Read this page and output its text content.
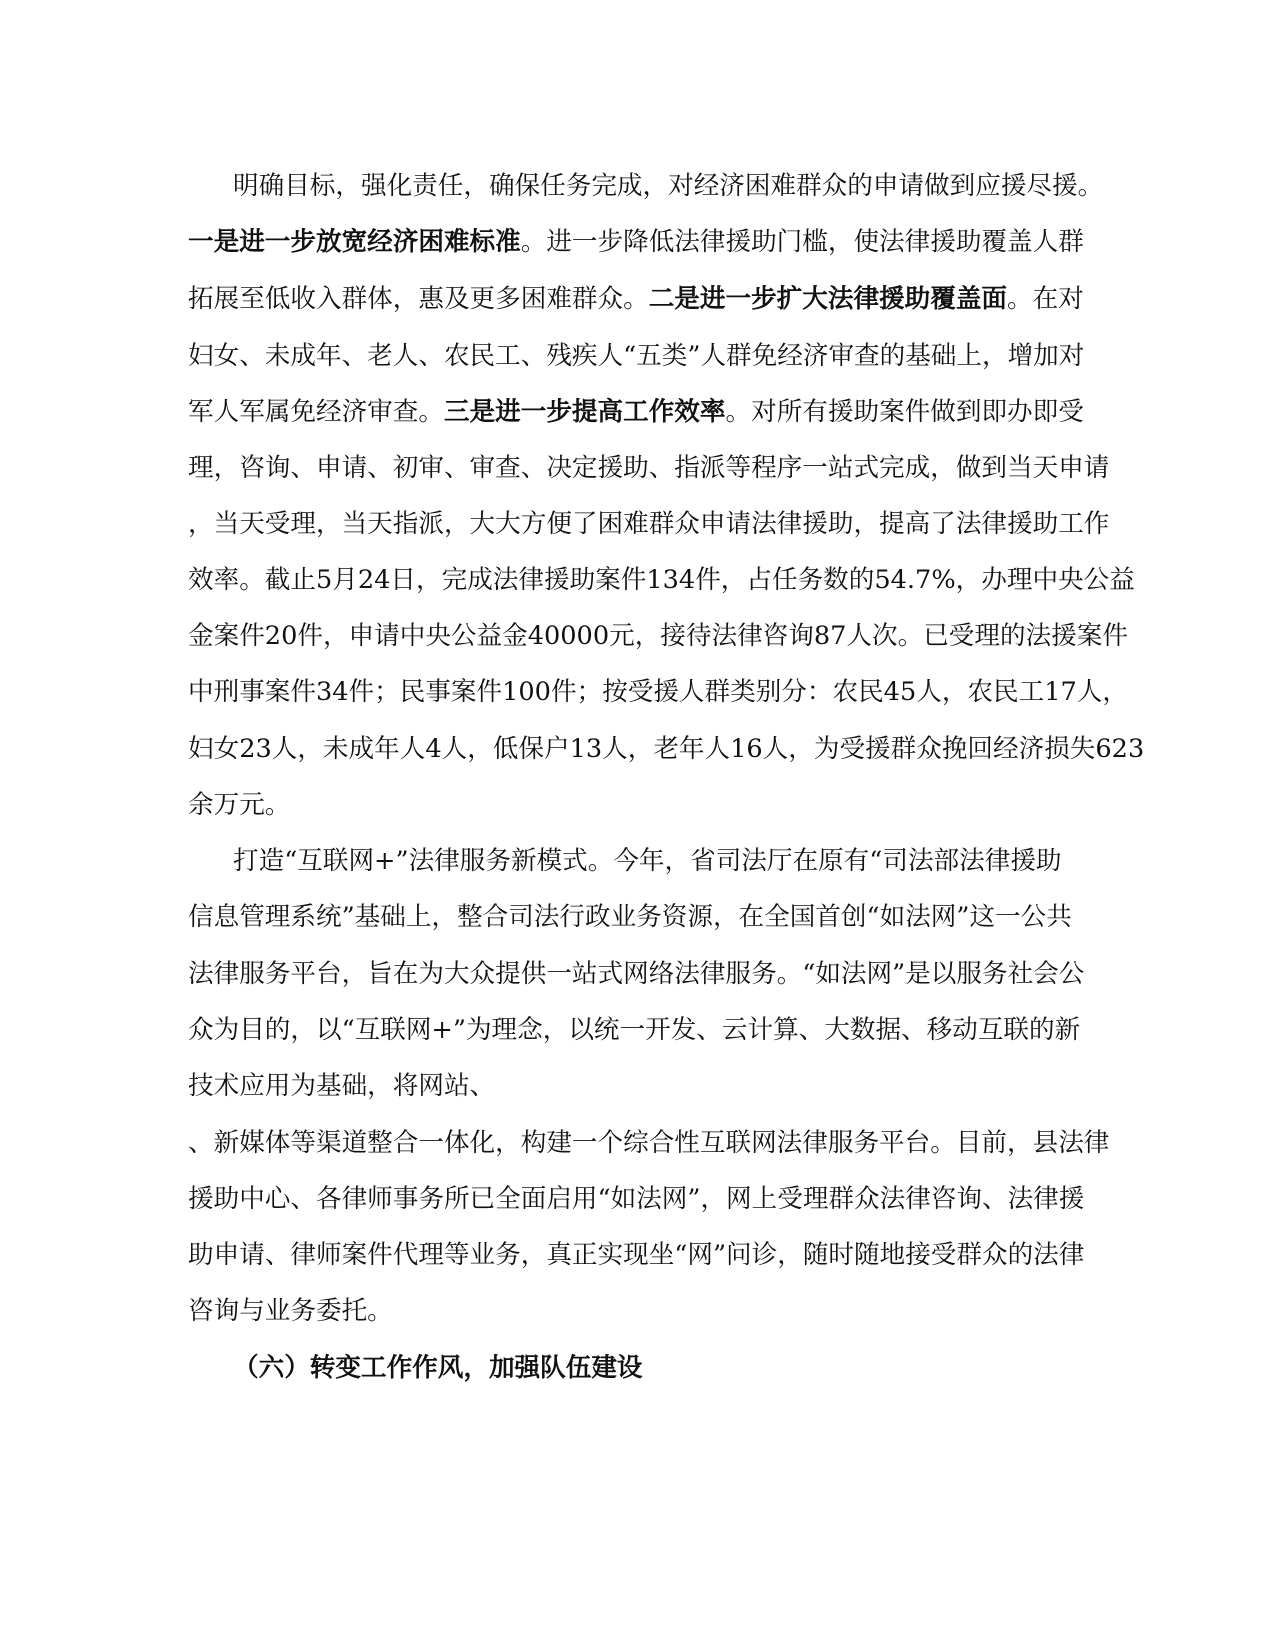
明确目标，强化责任，确保任务完成，对经济困难群众的申请做到应援尽援。
一是进一步放宽经济困难标准。进一步降低法律援助门槛，使法律援助覆盖人群
拓展至低收入群体，惠及更多困难群众。二是进一步扩大法律援助覆盖面。在对
妇女、未成年、老人、农民工、残疾人“五类”人群免经济审查的基础上，增加对
军人军属免经济审查。三是进一步提高工作效率。对所有援助案件做到即办即受
理，咨询、申请、初审、审查、决定援助、指派等程序一站式完成，做到当天申请
，当天受理，当天指派，大大方便了困难群众申请法律援助，提高了法律援助工作
效率。截止5月24日，完成法律援助案件134件，占任务数的54.7%，办理中央公益
金案件20件，申请中央公益金40000元，接待法律咨询87人次。已受理的法援案件
中刑事案件34件；民事案件100件；按受援人群类别分：农民45人，农民工17人，
妇女23人，未成年人4人，低保户13人，老年人16人，为受援群众挽回经济损失623
余万元。
打造“互联网+”法律服务新模式。今年，省司法厅在原有“司法部法律援助
信息管理系统”基础上，整合司法行政业务资源，在全国首创“如法网”这一公共
法律服务平台，旨在为大众提供一站式网络法律服务。“如法网”是以服务社会公
众为目的，以“互联网+”为理念，以统一开发、云计算、大数据、移动互联的新
技术应用为基础，将网站、
、新媒体等渠道整合一体化，构建一个综合性互联网法律服务平台。目前，县法律
援助中心、各律师事务所已全面启用“如法网”，网上受理群众法律咨询、法律援
助申请、律师案件代理等业务，真正实现坐“网”问诊，随时随地接受群众的法律
咨询与业务委托。
（六）转变工作作风，加强队伍建设
